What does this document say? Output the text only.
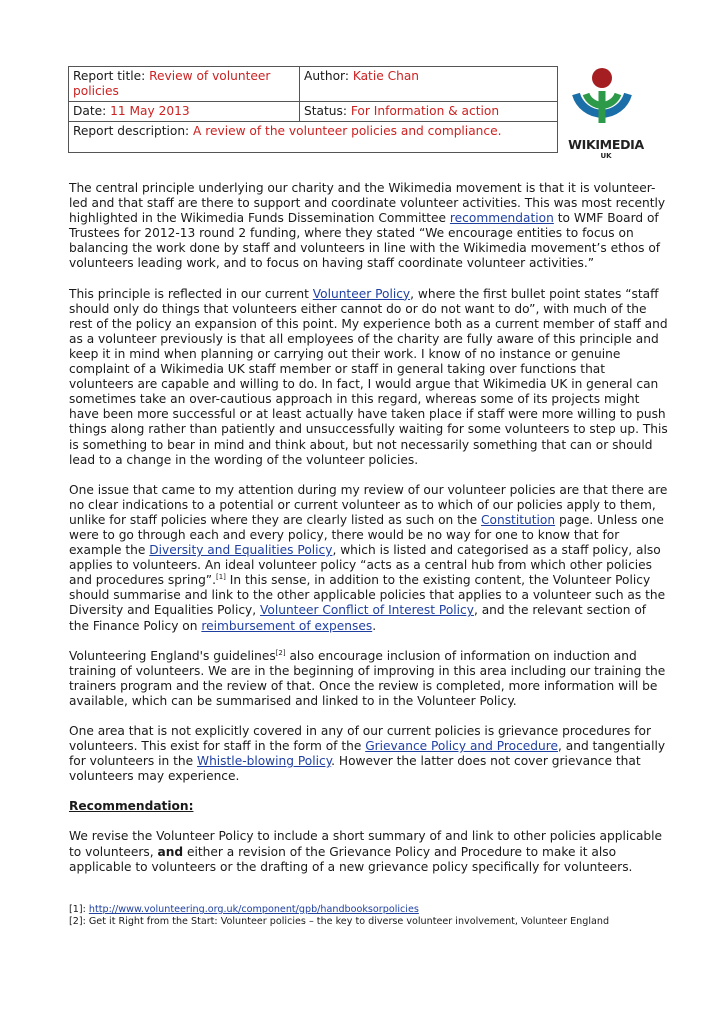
Report title: Review of volunteer policies	Author: Katie Chan
Date: 11 May 2013	Status: For Information & action
Report description: A review of the volunteer policies and compliance.	
WIKIMEDIA
UK

The central principle underlying our charity and the Wikimedia movement is that it is volunteer-led and that staff are there to support and coordinate volunteer activities. This was most recently highlighted in the Wikimedia Funds Dissemination Committee recommendation to WMF Board of Trustees for 2012-13 round 2 funding, where they stated “We encourage entities to focus on balancing the work done by staff and volunteers in line with the Wikimedia movement’s ethos of volunteers leading work, and to focus on having staff coordinate volunteer activities.”

This principle is reflected in our current Volunteer Policy, where the first bullet point states “staff should only do things that volunteers either cannot do or do not want to do”, with much of the rest of the policy an expansion of this point. My experience both as a current member of staff and as a volunteer previously is that all employees of the charity are fully aware of this principle and keep it in mind when planning or carrying out their work. I know of no instance or genuine complaint of a Wikimedia UK staff member or staff in general taking over functions that volunteers are capable and willing to do. In fact, I would argue that Wikimedia UK in general can sometimes take an over-cautious approach in this regard, whereas some of its projects might have been more successful or at least actually have taken place if staff were more willing to push things along rather than patiently and unsuccessfully waiting for some volunteers to step up. This is something to bear in mind and think about, but not necessarily something that can or should lead to a change in the wording of the volunteer policies.

One issue that came to my attention during my review of our volunteer policies are that there are no clear indications to a potential or current volunteer as to which of our policies apply to them, unlike for staff policies where they are clearly listed as such on the Constitution page. Unless one were to go through each and every policy, there would be no way for one to know that for example the Diversity and Equalities Policy, which is listed and categorised as a staff policy, also applies to volunteers. An ideal volunteer policy “acts as a central hub from which other policies and procedures spring”.[1] In this sense, in addition to the existing content, the Volunteer Policy should summarise and link to the other applicable policies that applies to a volunteer such as the Diversity and Equalities Policy, Volunteer Conflict of Interest Policy, and the relevant section of the Finance Policy on reimbursement of expenses.

Volunteering England's guidelines[2] also encourage inclusion of information on induction and training of volunteers. We are in the beginning of improving in this area including our training the trainers program and the review of that. Once the review is completed, more information will be available, which can be summarised and linked to in the Volunteer Policy.

One area that is not explicitly covered in any of our current policies is grievance procedures for volunteers. This exist for staff in the form of the Grievance Policy and Procedure, and tangentially for volunteers in the Whistle-blowing Policy. However the latter does not cover grievance that volunteers may experience.

Recommendation:

We revise the Volunteer Policy to include a short summary of and link to other policies applicable to volunteers, and either a revision of the Grievance Policy and Procedure to make it also applicable to volunteers or the drafting of a new grievance policy specifically for volunteers.

[1]: http://www.volunteering.org.uk/component/gpb/handbooksorpolicies
[2]: Get it Right from the Start: Volunteer policies – the key to diverse volunteer involvement, Volunteer England
